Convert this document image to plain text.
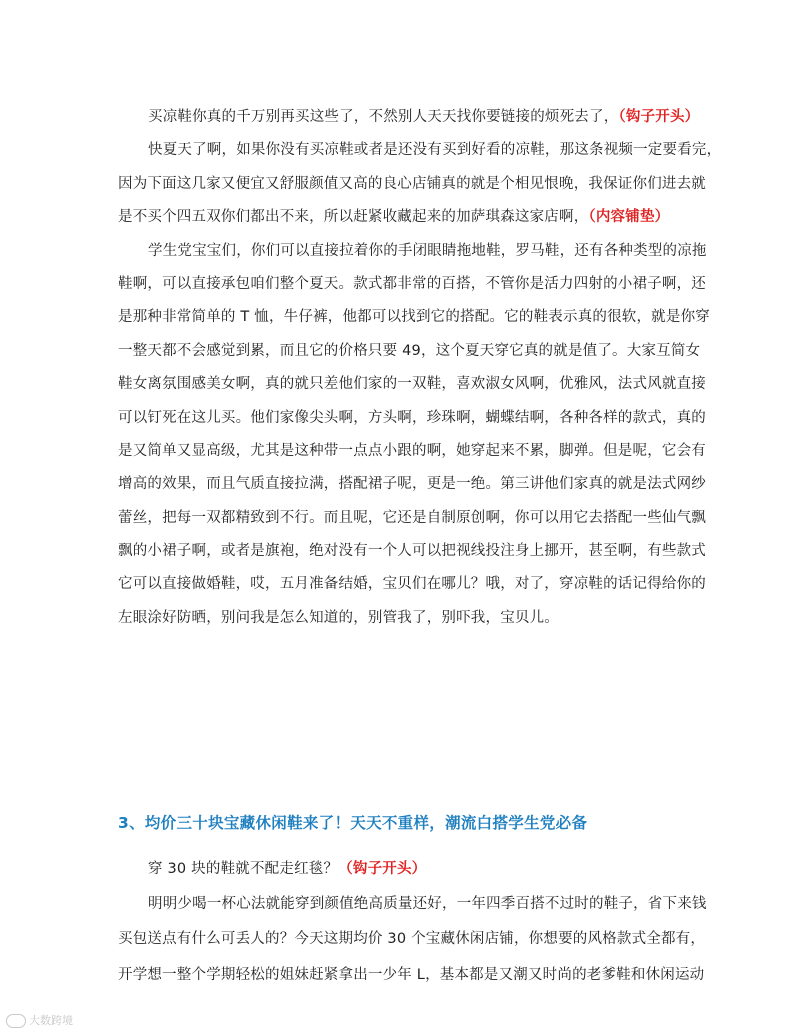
买凉鞋你真的千万别再买这些了，不然别人天天找你要链接的烦死去了，（钩子开头）
快夏天了啊，如果你没有买凉鞋或者是还没有买到好看的凉鞋，那这条视频一定要看完，
因为下面这几家又便宜又舒服颜值又高的良心店铺真的就是个相见恨晚，我保证你们进去就
是不买个四五双你们都出不来，所以赶紧收藏起来的加萨琪森这家店啊，（内容铺垫）
学生党宝宝们，你们可以直接拉着你的手闭眼睛拖地鞋，罗马鞋，还有各种类型的凉拖
鞋啊，可以直接承包咱们整个夏天。款式都非常的百搭，不管你是活力四射的小裙子啊，还
是那种非常简单的 T 恤，牛仔裤，他都可以找到它的搭配。它的鞋表示真的很软，就是你穿
一整天都不会感觉到累，而且它的价格只要 49，这个夏天穿它真的就是值了。大家互简女
鞋女离氛围感美女啊，真的就只差他们家的一双鞋，喜欢淑女风啊，优雅风，法式风就直接
可以钉死在这儿买。他们家像尖头啊，方头啊，珍珠啊，蝴蝶结啊，各种各样的款式，真的
是又简单又显高级，尤其是这种带一点点小跟的啊，她穿起来不累，脚弹。但是呢，它会有
增高的效果，而且气质直接拉满，搭配裙子呢，更是一绝。第三讲他们家真的就是法式网纱
蕾丝，把每一双都精致到不行。而且呢，它还是自制原创啊，你可以用它去搭配一些仙气飘
飘的小裙子啊，或者是旗袍，绝对没有一个人可以把视线投注身上挪开，甚至啊，有些款式
它可以直接做婚鞋，哎，五月准备结婚，宝贝们在哪儿？哦，对了，穿凉鞋的话记得给你的
左眼涂好防晒，别问我是怎么知道的，别管我了，别吓我，宝贝儿。
3、均价三十块宝藏休闲鞋来了！天天不重样，潮流白搭学生党必备
穿 30 块的鞋就不配走红毯？（钩子开头）
明明少喝一杯心法就能穿到颜值绝高质量还好，一年四季百搭不过时的鞋子，省下来钱
买包送点有什么可丢人的？今天这期均价 30 个宝藏休闲店铺，你想要的风格款式全都有，
开学想一整个学期轻松的姐妹赶紧拿出一少年 L，基本都是又潮又时尚的老爹鞋和休闲运动
大数跨境
